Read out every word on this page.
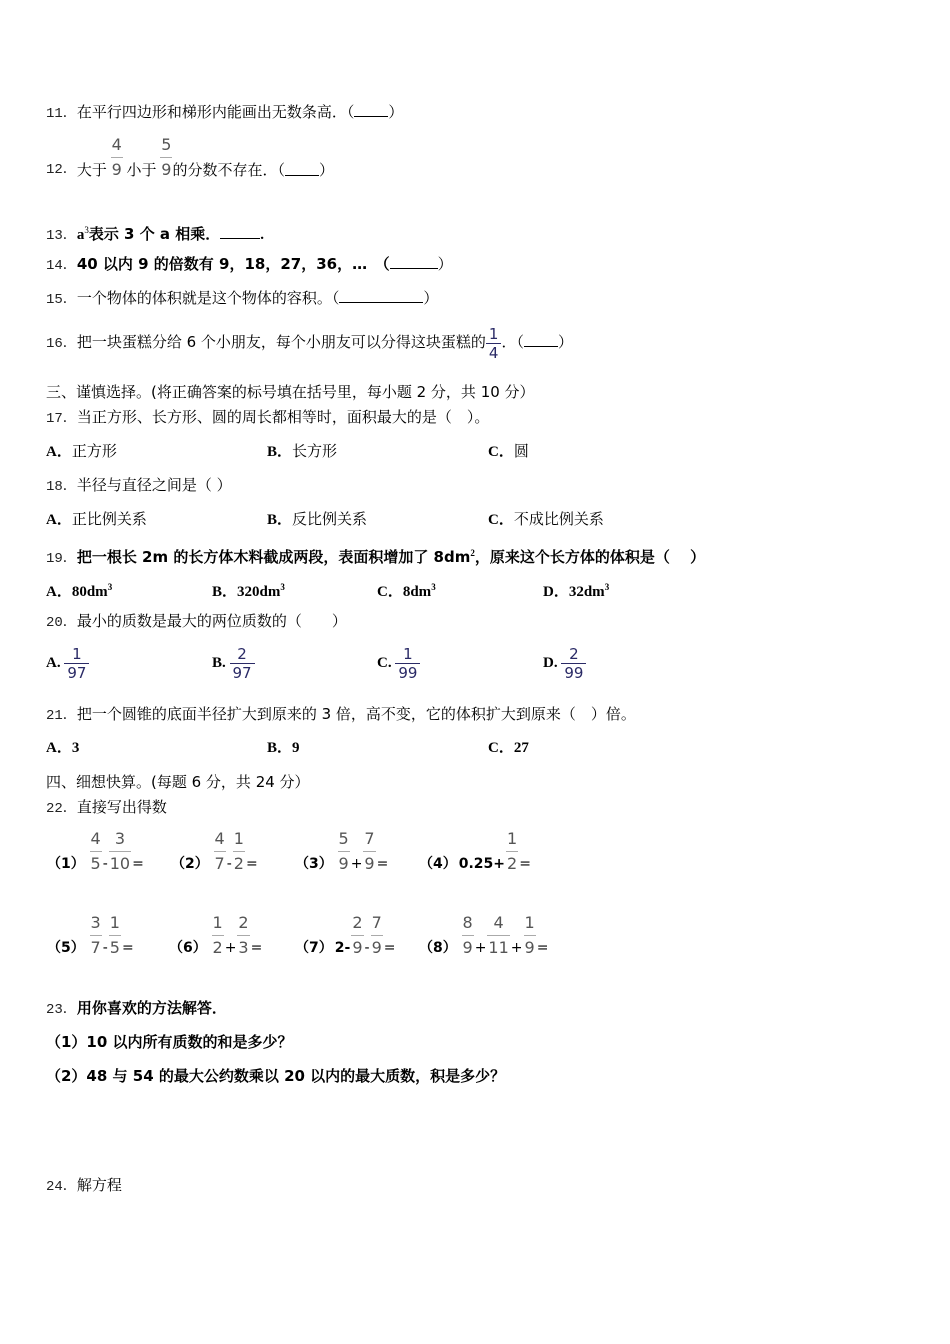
11．在平行四边形和梯形内能画出无数条高．（ ）
12．大于 $\frac{4}{9}$ 小于 $\frac{5}{9}$ 的分数不存在．（ ）
13．$a^3$表示 3 个 a 相乘．	.
14．40 以内 9 的倍数有 9，18，27，36，…　（	）
15．一个物体的体积就是这个物体的容积。（	）
16．把一块蛋糕分给 6 个小朋友，每个小朋友可以分得这块蛋糕的 $\frac{1}{4}$ ．（ ）
三、谨慎选择。(将正确答案的标号填在括号里，每小题 2 分，共 10 分）
17．当正方形、长方形、圆的周长都相等时，面积最大的是（　）。
A．正方形	B．长方形	C．圆
18．半径与直径之间是（ ）
A．正比例关系	B．反比例关系	C．不成比例关系
19．把一根长 2m 的长方体木料截成两段，表面积增加了 $8dm^2$，原来这个长方体的体积是（　 ）
A．$80dm^3$	B．$320dm^3$	C．$8dm^3$	D．$32dm^3$
20．最小的质数是最大的两位质数的（　　）
A. $\frac{1}{97}$	B. $\frac{2}{97}$	C. $\frac{1}{99}$	D. $\frac{2}{99}$
21．把一个圆锥的底面半径扩大到原来的 3 倍，高不变，它的体积扩大到原来（　）倍。
A．3	B．9	C．27
四、细想快算。(每题 6 分，共 24 分）
22．直接写出得数
$(1) \frac{4}{5} - \frac{3}{10} = (2) \frac{4}{7} - \frac{1}{2}$ =	$(3) \frac{5}{9} + \frac{7}{9} = (4)$ $0.25+ \frac{1}{2}$ =
$(5) \frac{3}{7} - \frac{1}{5}$ =	$(6) \frac{1}{2} + \frac{2}{3} = (7)$ $2- \frac{2}{9} - \frac{7}{9} = (8) \frac{8}{9} + \frac{4}{11} + \frac{1}{9}$ =
23．用你喜欢的方法解答．
（1）10 以内所有质数的和是多少？
（2）48 与 54 的最大公约数乘以 20 以内的最大质数，积是多少？
24．解方程
